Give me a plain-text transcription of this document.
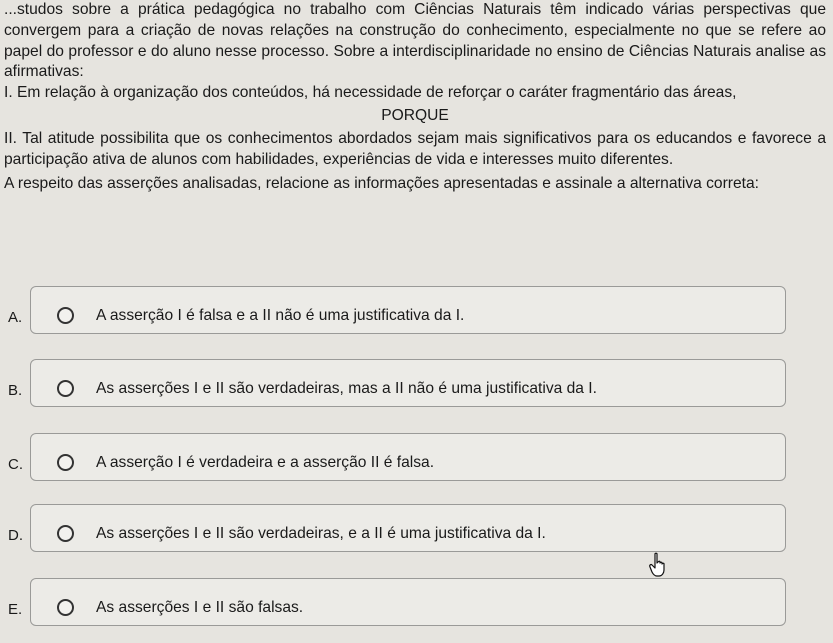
...studos sobre a prática pedagógica no trabalho com Ciências Naturais têm indicado várias perspectivas que convergem para a criação de novas relações na construção do conhecimento, especialmente no que se refere ao papel do professor e do aluno nesse processo. Sobre a interdisciplinaridade no ensino de Ciências Naturais analise as afirmativas:

I. Em relação à organização dos conteúdos, há necessidade de reforçar o caráter fragmentário das áreas,

PORQUE

II. Tal atitude possibilita que os conhecimentos abordados sejam mais significativos para os educandos e favorece a participação ativa de alunos com habilidades, experiências de vida e interesses muito diferentes.

A respeito das asserções analisadas, relacione as informações apresentadas e assinale a alternativa correta:

A.	A asserção I é falsa e a II não é uma justificativa da I.
B.	As asserções I e II são verdadeiras, mas a II não é uma justificativa da I.
C.	A asserção I é verdadeira e a asserção II é falsa.
D.	As asserções I e II são verdadeiras, e a II é uma justificativa da I.
E.	As asserções I e II são falsas.
